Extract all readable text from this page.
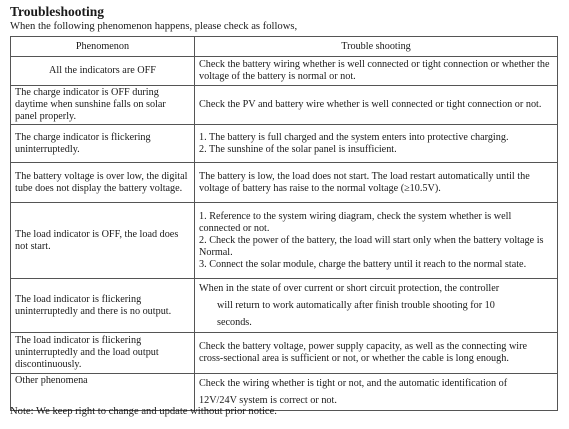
Troubleshooting
When the following phenomenon happens, please check as follows,
Phenomenon	Trouble shooting
All the indicators are OFF	Check the battery wiring whether is well connected or tight connection or whether the voltage of the battery is normal or not.
The charge indicator is OFF during daytime when sunshine falls on solar panel properly.	Check the PV and battery wire whether is well connected or tight connection or not.
The charge indicator is flickering uninterruptedly.	1. The battery is full charged and the system enters into protective charging.
2. The sunshine of the solar panel is insufficient.

The battery voltage is over low, the digital tube does not display the battery voltage.	The battery is low, the load does not start. The load restart automatically until the voltage of battery has raise to the normal voltage (≥10.5V).
The load indicator is OFF, the load does not start.	1. Reference to the system wiring diagram, check the system whether is well connected or not.
2. Check the power of the battery, the load will start only when the battery voltage is Normal.
3. Connect the solar module, charge the battery until it reach to the normal state.

The load indicator is flickering uninterruptedly and there is no output.	When in the state of over current or short circuit protection, the controller
will return to work automatically after finish trouble shooting for 10
seconds.

The load indicator is flickering uninterruptedly and the load output discontinuously.	Check the battery voltage, power supply capacity, as well as the connecting wire cross-sectional area is sufficient or not, or whether the cable is long enough.
Other phenomena	Check the wiring whether is tight or not, and the automatic identification of
12V/24V system is correct or not.
Note: We keep right to change and update without prior notice.
